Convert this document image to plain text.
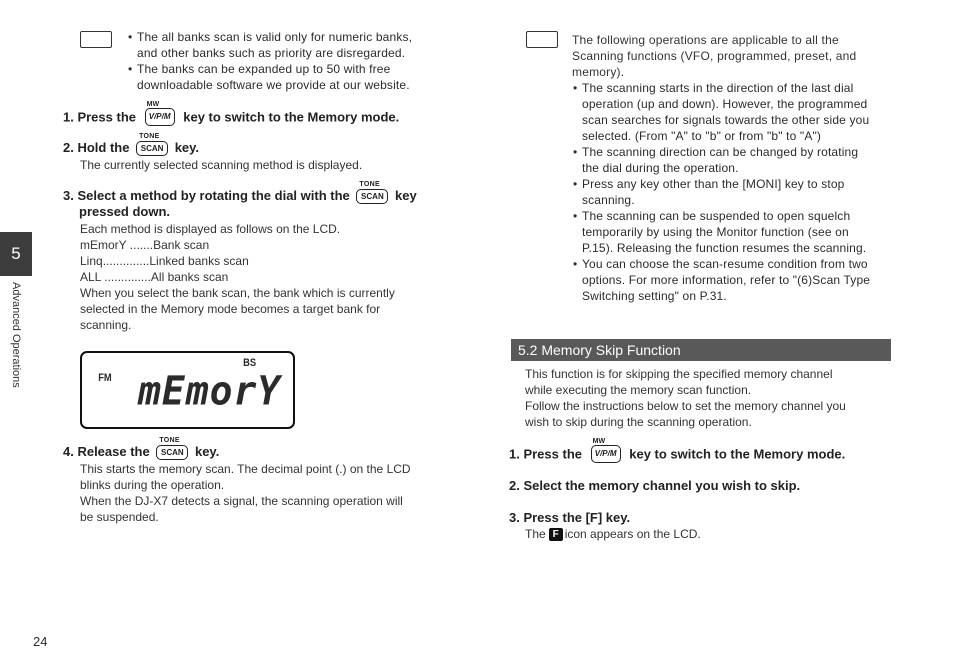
5
Advanced Operations
24
• The all banks scan is valid only for numeric banks,
and other banks such as priority are disregarded.
• The banks can be expanded up to 50 with free
downloadable software we provide at our website.
1. Press the
MW
V/P/M key to switch to the Memory mode.
2. Hold the
TONE
SCAN key.
The currently selected scanning method is displayed.
3. Select a method by rotating the dial with the
TONE
SCAN key
pressed down.
Each method is displayed as follows on the LCD.
mEmorY .......Bank scan
Linq..............Linked banks scan
ALL ..............All banks scan
When you select the bank scan, the bank which is currently
selected in the Memory mode becomes a target bank for
scanning.
FM
BS
mEmorY
4. Release the
TONE
SCAN key.
This starts the memory scan. The decimal point (.) on the LCD
blinks during the operation.
When the DJ-X7 detects a signal, the scanning operation will
be suspended.
The following operations are applicable to all the
Scanning functions (VFO, programmed, preset, and
memory).
• The scanning starts in the direction of the last dial
operation (up and down). However, the programmed
scan searches for signals towards the other side you
selected. (From "A" to "b" or from "b" to "A")
• The scanning direction can be changed by rotating
the dial during the operation.
• Press any key other than the [MONI] key to stop
scanning.
• The scanning can be suspended to open squelch
temporarily by using the Monitor function (see on
P.15). Releasing the function resumes the scanning.
• You can choose the scan-resume condition from two
options. For more information, refer to "(6)Scan Type
Switching setting" on P.31.
5.2 Memory Skip Function
This function is for skipping the specified memory channel
while executing the memory scan function.
Follow the instructions below to set the memory channel you
wish to skip during the scanning operation.
1. Press the
MW
V/P/M key to switch to the Memory mode.
2. Select the memory channel you wish to skip.
3. Press the [F] key.
The F icon appears on the LCD.
